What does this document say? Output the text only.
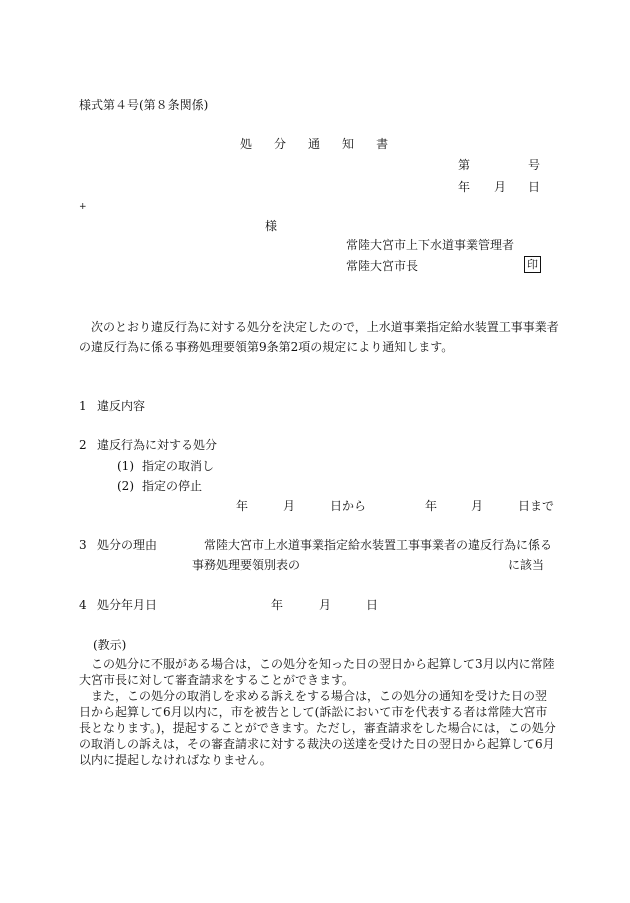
様式第４号(第８条関係)
処 分 通 知 書
第	号
年 月 日
+
様
常陸大宮市上下水道事業管理者
常陸大宮市長	印
次のとおり違反行為に対する処分を決定したので，上水道事業指定給水装置工事事業者
の違反行為に係る事務処理要領第9条第2項の規定により通知します。
1 違反内容
2 違反行為に対する処分
(1) 指定の取消し
(2) 指定の停止
年	月	日から	年	月	日まで
3 処分の理由	常陸大宮市上水道事業指定給水装置工事事業者の違反行為に係る
事務処理要領別表の	に該当
4 処分年月日	年	月	日
(教示)
この処分に不服がある場合は，この処分を知った日の翌日から起算して3月以内に常陸大宮市長に対して審査請求をすることができます。
また，この処分の取消しを求める訴えをする場合は，この処分の通知を受けた日の翌日から起算して6月以内に，市を被告として(訴訟において市を代表する者は常陸大宮市長となります。)，提起することができます。ただし，審査請求をした場合には，この処分の取消しの訴えは，その審査請求に対する裁決の送達を受けた日の翌日から起算して6月以内に提起しなければなりません。
